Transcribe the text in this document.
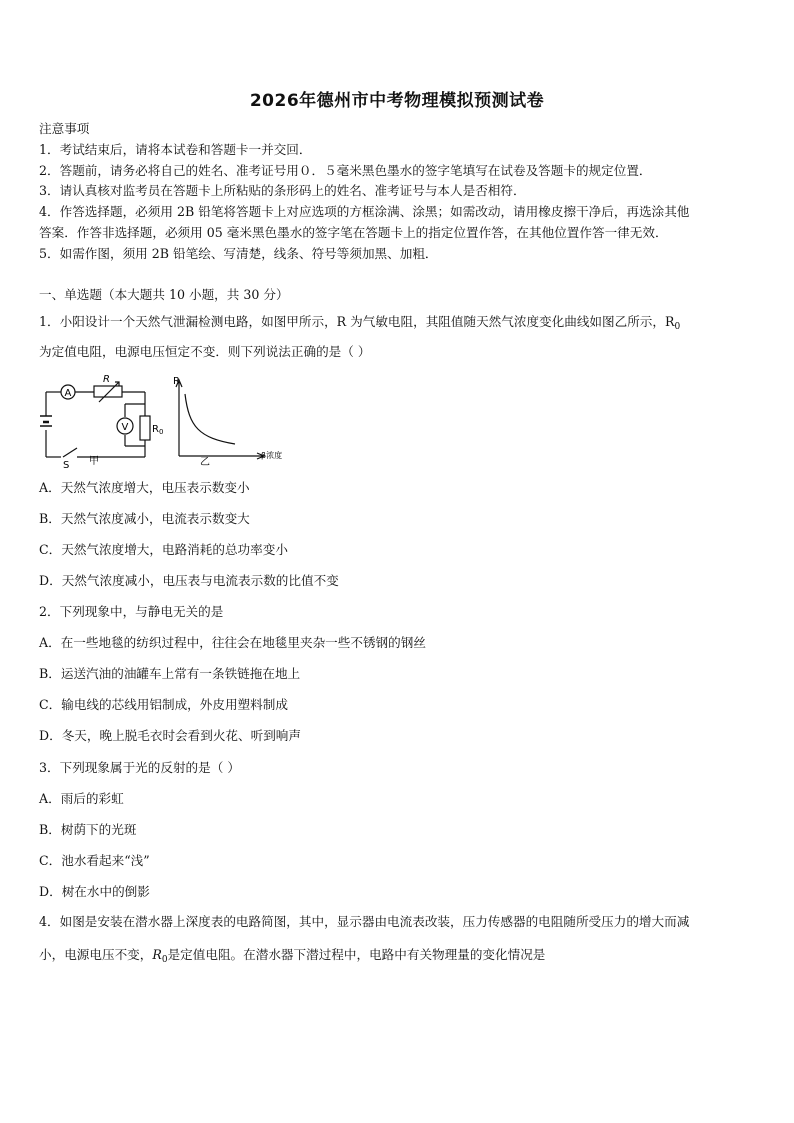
2026年德州市中考物理模拟预测试卷
注意事项
1．考试结束后，请将本试卷和答题卡一并交回．
2．答题前，请务必将自己的姓名、准考证号用０．５毫米黑色墨水的签字笔填写在试卷及答题卡的规定位置．
3．请认真核对监考员在答题卡上所粘贴的条形码上的姓名、准考证号与本人是否相符．
4．作答选择题，必须用 2B 铅笔将答题卡上对应选项的方框涂满、涂黑；如需改动，请用橡皮擦干净后，再选涂其他
答案．作答非选择题，必须用 05 毫米黑色墨水的签字笔在答题卡上的指定位置作答，在其他位置作答一律无效．
5．如需作图，须用 2B 铅笔绘、写清楚，线条、符号等须加黑、加粗．
一、单选题（本大题共 10 小题，共 30 分）
1．小阳设计一个天然气泄漏检测电路，如图甲所示，R 为气敏电阻，其阻值随天然气浓度变化曲线如图乙所示，$R_0$
为定值电阻，电源电压恒定不变．则下列说法正确的是（ ）
A
V
R
$R_0$
S 甲
R
β浓度
乙
A．天然气浓度增大，电压表示数变小
B．天然气浓度减小，电流表示数变大
C．天然气浓度增大，电路消耗的总功率变小
D．天然气浓度减小，电压表与电流表示数的比值不变
2．下列现象中，与静电无关的是
A．在一些地毯的纺织过程中，往往会在地毯里夹杂一些不锈钢的钢丝
B．运送汽油的油罐车上常有一条铁链拖在地上
C．输电线的芯线用铝制成，外皮用塑料制成
D．冬天，晚上脱毛衣时会看到火花、听到响声
3．下列现象属于光的反射的是（ ）
A．雨后的彩虹
B．树荫下的光斑
C．池水看起来“浅”
D．树在水中的倒影
4．如图是安装在潜水器上深度表的电路简图，其中，显示器由电流表改装，压力传感器的电阻随所受压力的增大而减
小，电源电压不变，$R_0$是定值电阻。在潜水器下潜过程中，电路中有关物理量的变化情况是
